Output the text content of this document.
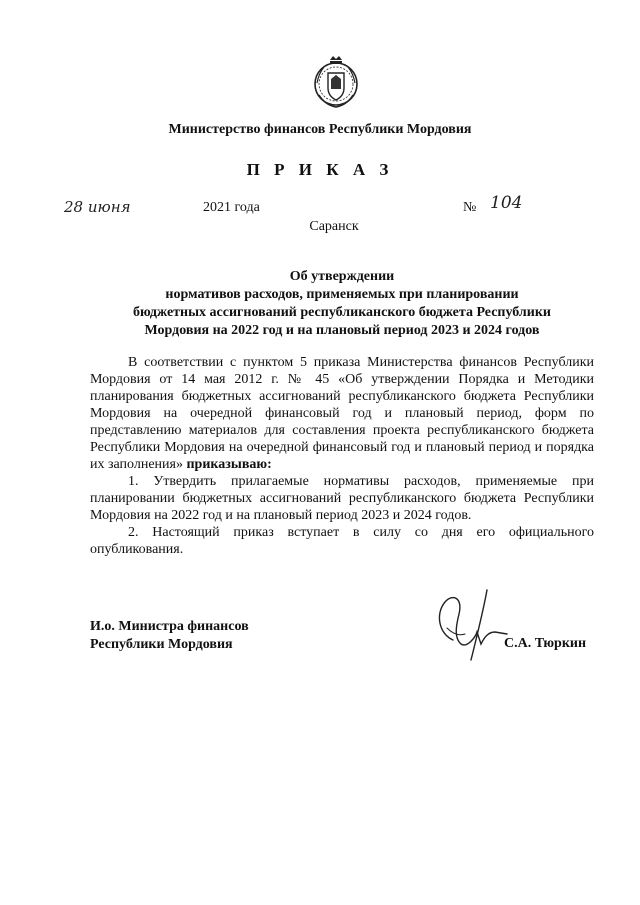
Министерство финансов Республики Мордовия
П Р И К А З
28 июня	2021 года	№ 104
Саранск
Об утверждении
нормативов расходов, применяемых при планировании
бюджетных ассигнований республиканского бюджета Республики
Мордовия на 2022 год и на плановый период 2023 и 2024 годов

В соответствии с пунктом 5 приказа Министерства финансов Республики Мордовия от 14 мая 2012 г. № 45 «Об утверждении Порядка и Методики планирования бюджетных ассигнований республиканского бюджета Республики Мордовия на очередной финансовый год и плановый период, форм по представлению материалов для составления проекта республиканского бюджета Республики Мордовия на очередной финансовый год и плановый период и порядка их заполнения» приказываю:

1. Утвердить прилагаемые нормативы расходов, применяемые при планировании бюджетных ассигнований республиканского бюджета Республики Мордовия на 2022 год и на плановый период 2023 и 2024 годов.

2. Настоящий приказ вступает в силу со дня его официального опубликования.

И.о. Министра финансов
Республики Мордовия	С.А. Тюркин
